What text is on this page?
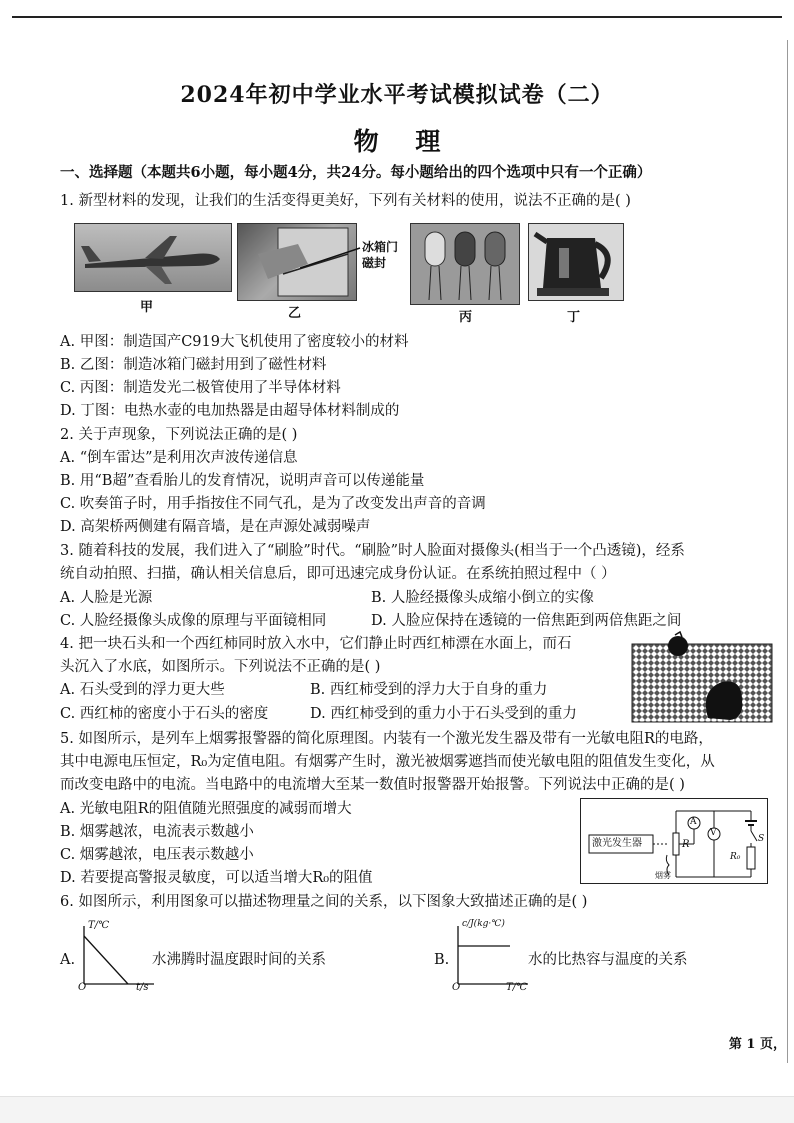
2024年初中学业水平考试模拟试卷（二）
物 理
一、选择题（本题共6小题，每小题4分，共24分。每小题给出的四个选项中只有一个正确）
1. 新型材料的发现，让我们的生活变得更美好，下列有关材料的使用，说法不正确的是( )
甲
冰箱门
磁封
乙	丙	丁
A. 甲图：制造国产C919大飞机使用了密度较小的材料
B. 乙图：制造冰箱门磁封用到了磁性材料
C. 丙图：制造发光二极管使用了半导体材料
D. 丁图：电热水壶的电加热器是由超导体材料制成的
2. 关于声现象，下列说法正确的是( )
A. “倒车雷达”是利用次声波传递信息
B. 用“B超”查看胎儿的发育情况，说明声音可以传递能量
C. 吹奏笛子时，用手指按住不同气孔，是为了改变发出声音的音调
D. 高架桥两侧建有隔音墙，是在声源处减弱噪声
3. 随着科技的发展，我们进入了“刷脸”时代。“刷脸”时人脸面对摄像头(相当于一个凸透镜)，经系
统自动拍照、扫描，确认相关信息后，即可迅速完成身份认证。在系统拍照过程中（ ）
A. 人脸是光源	B. 人脸经摄像头成缩小倒立的实像
C. 人脸经摄像头成像的原理与平面镜相同	D. 人脸应保持在透镜的一倍焦距到两倍焦距之间
4. 把一块石头和一个西红柿同时放入水中，它们静止时西红柿漂在水面上，而石
头沉入了水底，如图所示。下列说法不正确的是( )
A. 石头受到的浮力更大些	B. 西红柿受到的浮力大于自身的重力
C. 西红柿的密度小于石头的密度	D. 西红柿受到的重力小于石头受到的重力
5. 如图所示，是列车上烟雾报警器的简化原理图。内装有一个激光发生器及带有一光敏电阻R的电路，
其中电源电压恒定，R₀为定值电阻。有烟雾产生时，激光被烟雾遮挡而使光敏电阻的阻值发生变化，从
而改变电路中的电流。当电路中的电流增大至某一数值时报警器开始报警。下列说法中正确的是( )
A. 光敏电阻R的阻值随光照强度的减弱而增大
B. 烟雾越浓，电流表示数越小
C. 烟雾越浓，电压表示数越小
D. 若要提高警报灵敏度，可以适当增大R₀的阻值
激光发生器
A
V
R
R₀
S
烟雾
6. 如图所示，利用图象可以描述物理量之间的关系，以下图象大致描述正确的是( )
A.
T/℃
t/s
O
水沸腾时温度跟时间的关系	B.
c/J(kg·℃)
T/℃
O
水的比热容与温度的关系
第 1 页，
